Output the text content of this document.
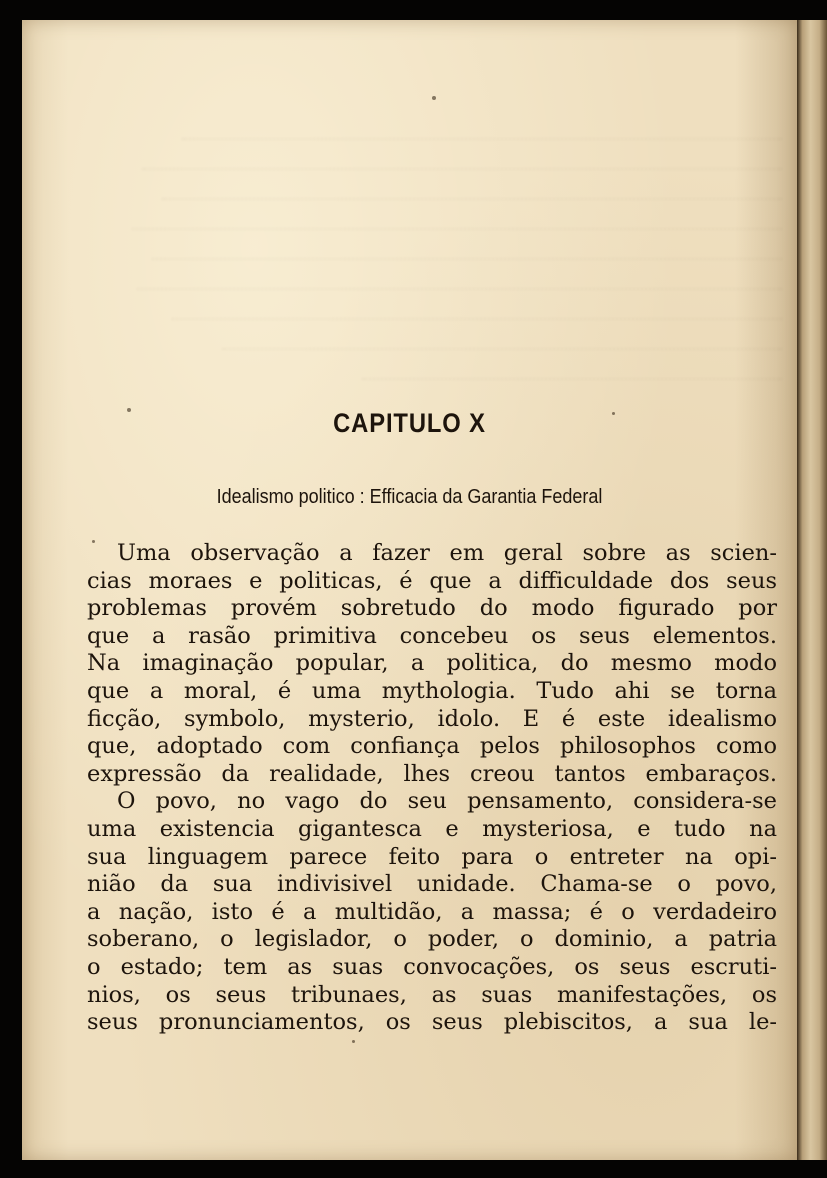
CAPITULO X
Idealismo politico : Efficacia da Garantia Federal
Uma observação a fazer em geral sobre as scien-
cias moraes e politicas, é que a difficuldade dos seus
problemas provém sobretudo do modo figurado por
que a rasão primitiva concebeu os seus elementos.
Na imaginação popular, a politica, do mesmo modo
que a moral, é uma mythologia. Tudo ahi se torna
ficção, symbolo, mysterio, idolo. E é este idealismo
que, adoptado com confiança pelos philosophos como
expressão da realidade, lhes creou tantos embaraços.
O povo, no vago do seu pensamento, considera-se
uma existencia gigantesca e mysteriosa, e tudo na
sua linguagem parece feito para o entreter na opi-
nião da sua indivisivel unidade. Chama-se o povo,
a nação, isto é a multidão, a massa; é o verdadeiro
soberano, o legislador, o poder, o dominio, a patria
o estado; tem as suas convocações, os seus escruti-
nios, os seus tribunaes, as suas manifestações, os
seus pronunciamentos, os seus plebiscitos, a sua le-
